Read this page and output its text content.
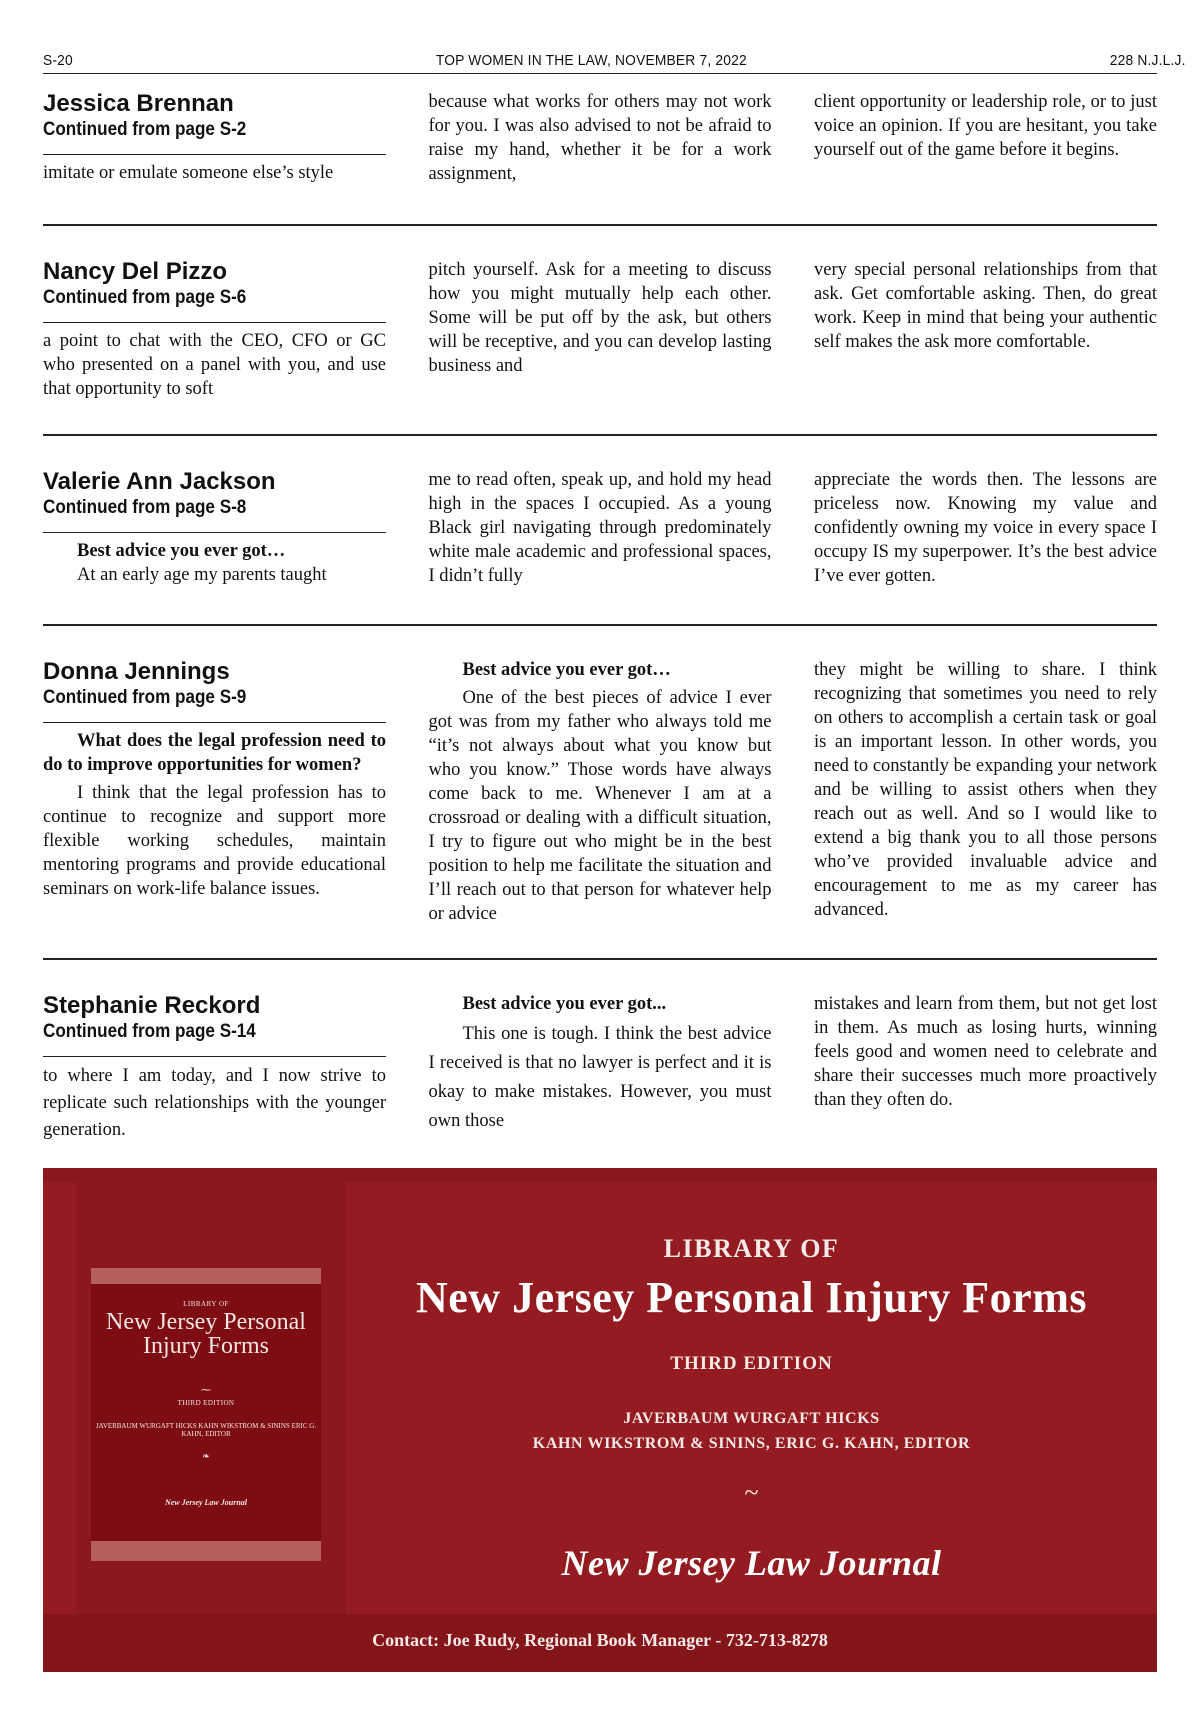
S-20	TOP WOMEN IN THE LAW, NOVEMBER 7, 2022	228 N.J.L.J.
Jessica Brennan
Continued from page S-2

imitate or emulate someone else’s style

because what works for others may not work for you. I was also advised to not be afraid to raise my hand, whether it be for a work assignment,

client opportunity or leadership role, or to just voice an opinion. If you are hesitant, you take yourself out of the game before it begins.

Nancy Del Pizzo
Continued from page S-6

a point to chat with the CEO, CFO or GC who presented on a panel with you, and use that opportunity to soft

pitch yourself. Ask for a meeting to discuss how you might mutually help each other. Some will be put off by the ask, but others will be receptive, and you can develop lasting business and

very special personal relationships from that ask. Get comfortable asking. Then, do great work. Keep in mind that being your authentic self makes the ask more comfortable.

Valerie Ann Jackson
Continued from page S-8

Best advice you ever got…

At an early age my parents taught

me to read often, speak up, and hold my head high in the spaces I occupied. As a young Black girl navigating through predominately white male academic and professional spaces, I didn’t fully

appreciate the words then. The lessons are priceless now. Knowing my value and confidently owning my voice in every space I occupy IS my superpower. It’s the best advice I’ve ever gotten.

Donna Jennings
Continued from page S-9

What does the legal profession need to do to improve opportunities for women?

I think that the legal profession has to continue to recognize and support more flexible working schedules, maintain mentoring programs and provide educational seminars on work-life balance issues.

Best advice you ever got…

One of the best pieces of advice I ever got was from my father who always told me “it’s not always about what you know but who you know.” Those words have always come back to me. Whenever I am at a crossroad or dealing with a difficult situation, I try to figure out who might be in the best position to help me facilitate the situation and I’ll reach out to that person for whatever help or advice

they might be willing to share. I think recognizing that sometimes you need to rely on others to accomplish a certain task or goal is an important lesson. In other words, you need to constantly be expanding your network and be willing to assist others when they reach out as well. And so I would like to extend a big thank you to all those persons who’ve provided invaluable advice and encouragement to me as my career has advanced.

Stephanie Reckord
Continued from page S-14

to where I am today, and I now strive to replicate such relationships with the younger generation.

Best advice you ever got...

This one is tough. I think the best advice I received is that no lawyer is perfect and it is okay to make mistakes. However, you must own those

mistakes and learn from them, but not get lost in them. As much as losing hurts, winning feels good and women need to celebrate and share their successes much more proactively than they often do.

LIBRARY OF
New Jersey Personal Injury Forms
⁓
THIRD EDITION
JAVERBAUM WURGAFT HICKS KAHN WIKSTROM & SININS ERIC G. KAHN, EDITOR
❧
New Jersey Law Journal
LIBRARY OF
New Jersey Personal Injury Forms
THIRD EDITION
JAVERBAUM WURGAFT HICKS
KAHN WIKSTROM & SININS, ERIC G. KAHN, EDITOR
~
New Jersey Law Journal
Contact: Joe Rudy, Regional Book Manager - 732-713-8278
